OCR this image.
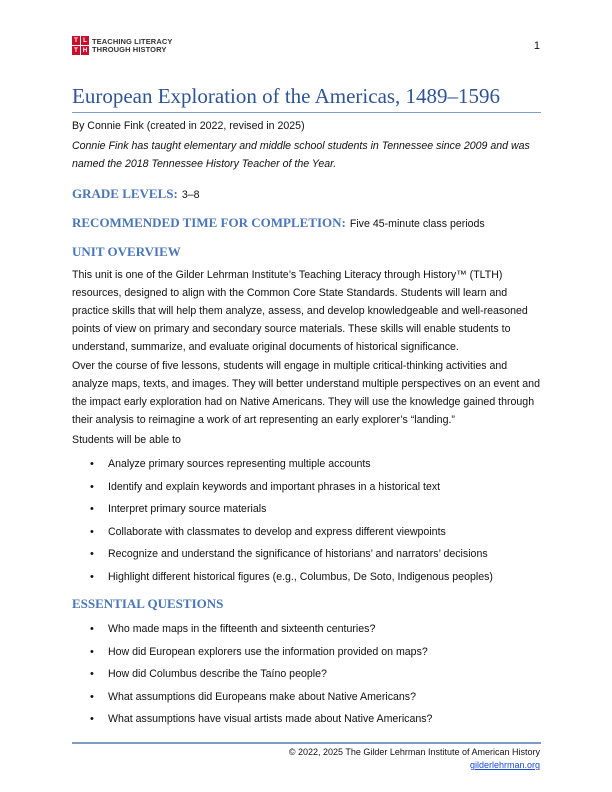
T L
T H
TEACHING LITERACY
THROUGH HISTORY	1
European Exploration of the Americas, 1489–1596
By Connie Fink (created in 2022, revised in 2025)
Connie Fink has taught elementary and middle school students in Tennessee since 2009 and was named the 2018 Tennessee History Teacher of the Year.
GRADE LEVELS: 3–8
RECOMMENDED TIME FOR COMPLETION: Five 45-minute class periods
UNIT OVERVIEW
This unit is one of the Gilder Lehrman Institute’s Teaching Literacy through History™ (TLTH) resources, designed to align with the Common Core State Standards. Students will learn and practice skills that will help them analyze, assess, and develop knowledgeable and well-reasoned points of view on primary and secondary source materials. These skills will enable students to understand, summarize, and evaluate original documents of historical significance.
Over the course of five lessons, students will engage in multiple critical-thinking activities and analyze maps, texts, and images. They will better understand multiple perspectives on an event and the impact early exploration had on Native Americans. They will use the knowledge gained through their analysis to reimagine a work of art representing an early explorer’s “landing.”
Students will be able to
• Analyze primary sources representing multiple accounts
• Identify and explain keywords and important phrases in a historical text
• Interpret primary source materials
• Collaborate with classmates to develop and express different viewpoints
• Recognize and understand the significance of historians’ and narrators’ decisions
• Highlight different historical figures (e.g., Columbus, De Soto, Indigenous peoples)
ESSENTIAL QUESTIONS
• Who made maps in the fifteenth and sixteenth centuries?
• How did European explorers use the information provided on maps?
• How did Columbus describe the Taíno people?
• What assumptions did Europeans make about Native Americans?
• What assumptions have visual artists made about Native Americans?
© 2022, 2025 The Gilder Lehrman Institute of American History
gilderlehrman.org
